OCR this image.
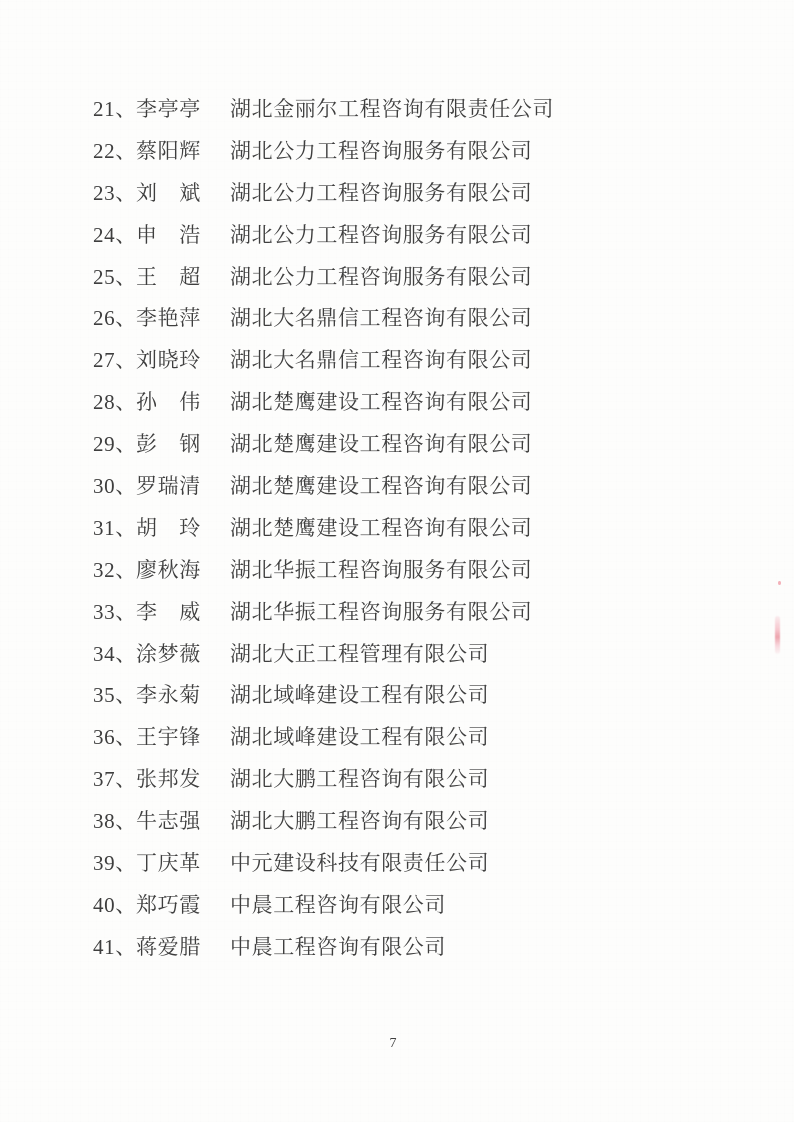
21、 李亭亭 湖北金丽尔工程咨询有限责任公司
22、 蔡阳辉 湖北公力工程咨询服务有限公司
23、 刘　斌 湖北公力工程咨询服务有限公司
24、 申　浩 湖北公力工程咨询服务有限公司
25、 王　超 湖北公力工程咨询服务有限公司
26、 李艳萍 湖北大名鼎信工程咨询有限公司
27、 刘晓玲 湖北大名鼎信工程咨询有限公司
28、 孙　伟 湖北楚鹰建设工程咨询有限公司
29、 彭　钢 湖北楚鹰建设工程咨询有限公司
30、 罗瑞清 湖北楚鹰建设工程咨询有限公司
31、 胡　玲 湖北楚鹰建设工程咨询有限公司
32、 廖秋海 湖北华振工程咨询服务有限公司
33、 李　威 湖北华振工程咨询服务有限公司
34、 涂梦薇 湖北大正工程管理有限公司
35、 李永菊 湖北域峰建设工程有限公司
36、 王宇锋 湖北域峰建设工程有限公司
37、 张邦发 湖北大鹏工程咨询有限公司
38、 牛志强 湖北大鹏工程咨询有限公司
39、 丁庆革 中元建设科技有限责任公司
40、 郑巧霞 中晨工程咨询有限公司
41、 蒋爱腊 中晨工程咨询有限公司
7
